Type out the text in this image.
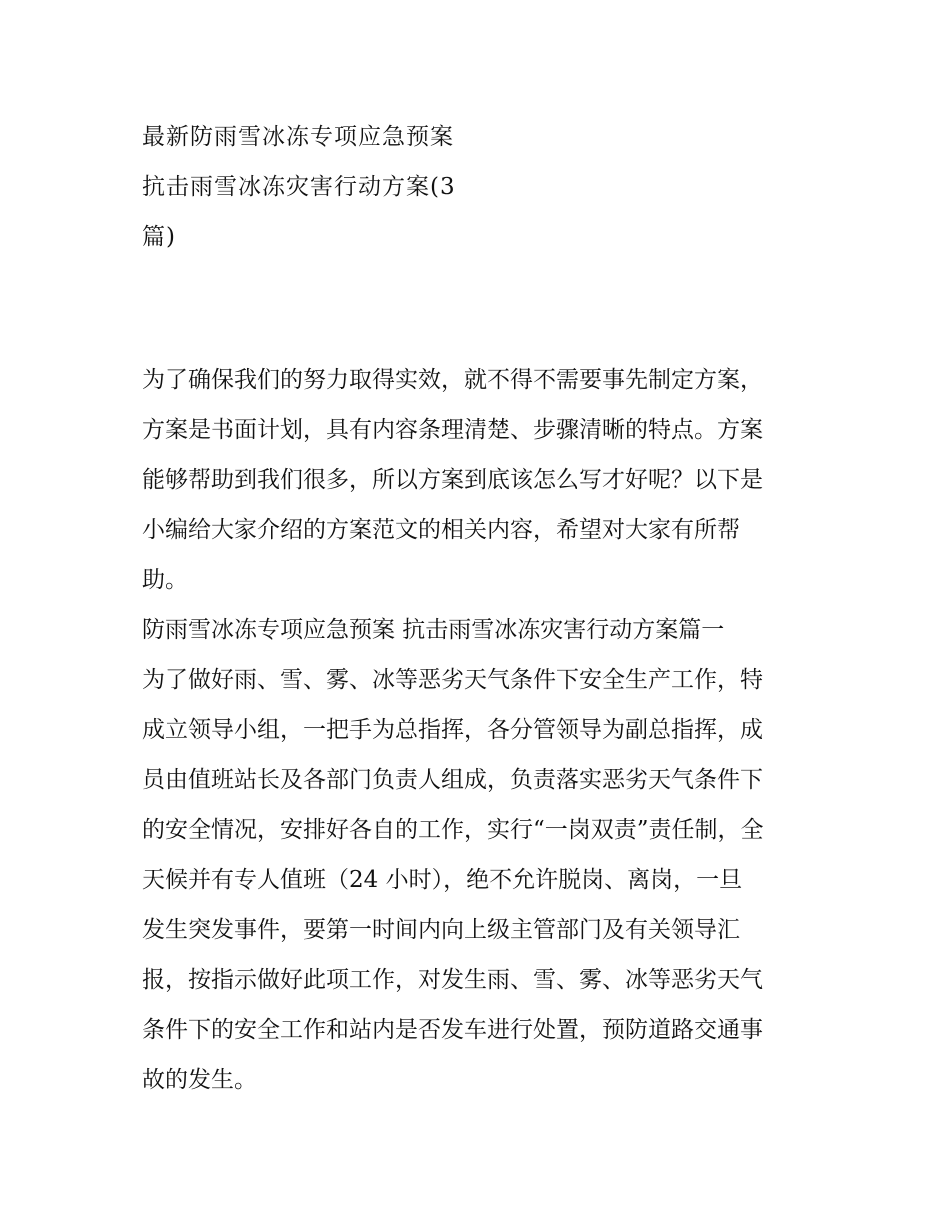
最新防雨雪冰冻专项应急预案
抗击雨雪冰冻灾害行动方案(3
篇)
为了确保我们的努力取得实效，就不得不需要事先制定方案，
方案是书面计划，具有内容条理清楚、步骤清晰的特点。方案
能够帮助到我们很多，所以方案到底该怎么写才好呢？以下是
小编给大家介绍的方案范文的相关内容，希望对大家有所帮
助。
防雨雪冰冻专项应急预案 抗击雨雪冰冻灾害行动方案篇一
为了做好雨、雪、雾、冰等恶劣天气条件下安全生产工作，特
成立领导小组，一把手为总指挥，各分管领导为副总指挥，成
员由值班站长及各部门负责人组成，负责落实恶劣天气条件下
的安全情况，安排好各自的工作，实行“一岗双责”责任制，全
天候并有专人值班（24 小时），绝不允许脱岗、离岗，一旦
发生突发事件，要第一时间内向上级主管部门及有关领导汇
报，按指示做好此项工作，对发生雨、雪、雾、冰等恶劣天气
条件下的安全工作和站内是否发车进行处置，预防道路交通事
故的发生。
